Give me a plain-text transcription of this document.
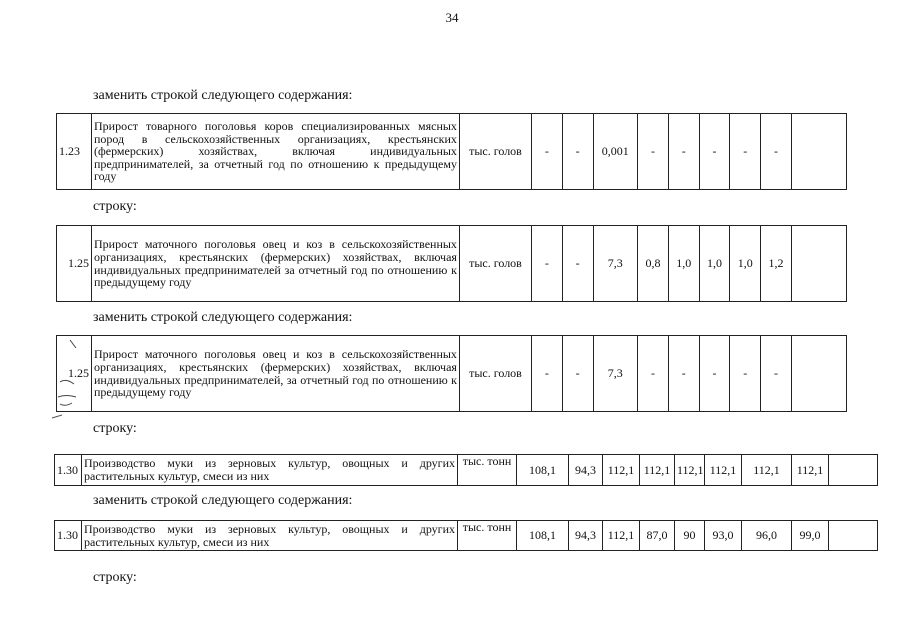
34
заменить строкой следующего содержания:
1.23	Прирост товарного поголовья коров специализированных мясных пород в сельскохозяйственных организациях, крестьянских (фермерских) хозяйствах, включая индивидуальных предпринимателей, за отчетный год по отношению к предыдущему году	тыс. голов	-	-	0,001	-	-	-	-	-	
строку:
1.25	Прирост маточного поголовья овец и коз в сельскохозяйственных организациях, крестьянских (фермерских) хозяйствах, включая индивидуальных предпринимателей за отчетный год по отношению к предыдущему году	тыс. голов	-	-	7,3	0,8	1,0	1,0	1,0	1,2	
заменить строкой следующего содержания:
1.25	Прирост маточного поголовья овец и коз в сельскохозяйственных организациях, крестьянских (фермерских) хозяйствах, включая индивидуальных предпринимателей, за отчетный год по отношению к предыдущему году	тыс. голов	-	-	7,3	-	-	-	-	-	
строку:
1.30	Производство муки из зерновых культур, овощных и других растительных культур, смеси из них	тыс. тонн	108,1	94,3	112,1	112,1	112,1	112,1	112,1	112,1	
заменить строкой следующего содержания:
1.30	Производство муки из зерновых культур, овощных и других растительных культур, смеси из них	тыс. тонн	108,1	94,3	112,1	87,0	90	93,0	96,0	99,0	
строку:
